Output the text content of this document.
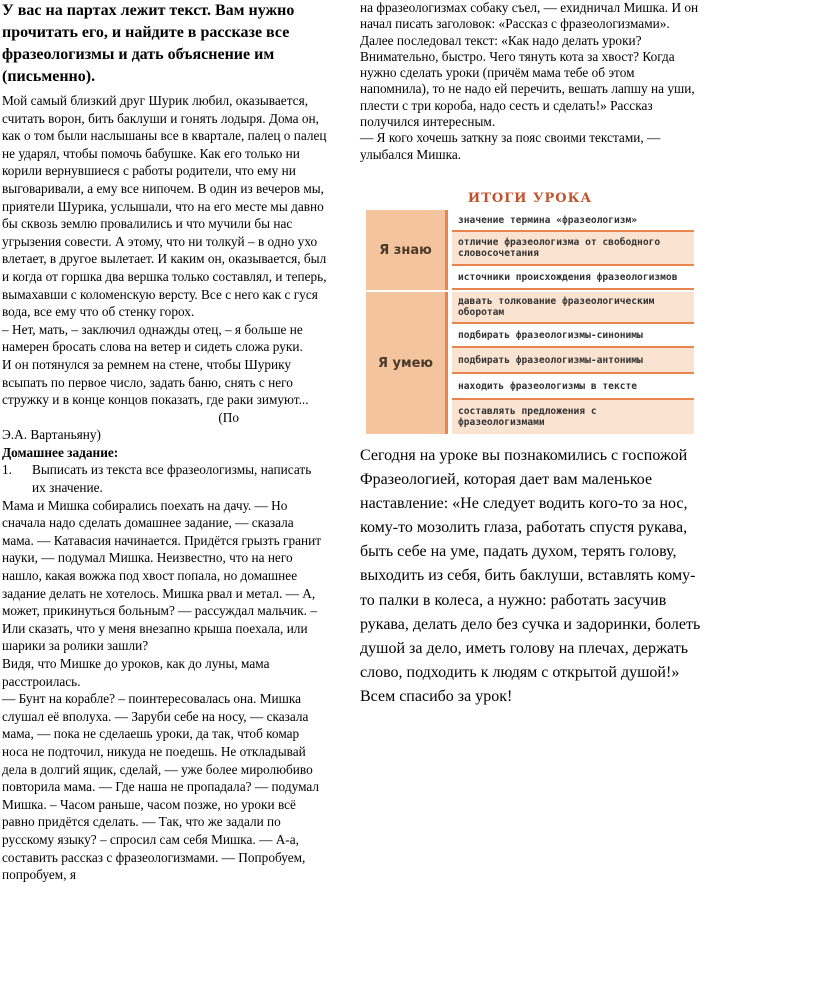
У вас на партах лежит текст. Вам нужно прочитать его, и найдите в рассказе все фразеологизмы и дать объяснение им (письменно).

Мой самый близкий друг Шурик любил, оказывается, считать ворон, бить баклуши и гонять лодыря. Дома он, как о том были наслышаны все в квартале, палец о палец не ударял, чтобы помочь бабушке. Как его только ни корили вернувшиеся с работы родители, что ему ни выговаривали, а ему все нипочем. В один из вечеров мы, приятели Шурика, услышали, что на его месте мы давно бы сквозь землю провалились и что мучили бы нас угрызения совести. А этому, что ни толкуй – в одно ухо влетает, в другое вылетает. И каким он, оказывается, был и когда от горшка два вершка только составлял, и теперь, вымахавши с коломенскую версту. Все с него как с гуся вода, все ему что об стенку горох.

– Нет, мать, – заключил однажды отец, – я больше не намерен бросать слова на ветер и сидеть сложа руки.

И он потянулся за ремнем на стене, чтобы Шурику всыпать по первое число, задать баню, снять с него стружку и в конце концов показать, где раки зимуют...

(По

Э.А. Вартаньяну)

Домашнее задание:

1.	Выписать из текста все фразеологизмы, написать их значение.

Мама и Мишка собирались поехать на дачу. — Но сначала надо сделать домашнее задание, — сказала мама. — Катавасия начинается. Придётся грызть гранит науки, — подумал Мишка. Неизвестно, что на него нашло, какая вожжа под хвост попала, но домашнее задание делать не хотелось. Мишка рвал и метал. — А, может, прикинуться больным? — рассуждал мальчик. – Или сказать, что у меня внезапно крыша поехала, или шарики за ролики зашли?

Видя, что Мишке до уроков, как до луны, мама расстроилась.

— Бунт на корабле? – поинтересовалась она. Мишка слушал её вполуха. — Заруби себе на носу, — сказала мама, — пока не сделаешь уроки, да так, чтоб комар носа не подточил, никуда не поедешь. Не откладывай дела в долгий ящик, сделай, — уже более миролюбиво повторила мама. — Где наша не пропадала? — подумал Мишка. – Часом раньше, часом позже, но уроки всё равно придётся сделать. — Так, что же задали по русскому языку? – спросил сам себя Мишка. — А-а, составить рассказ с фразеологизмами. — Попробуем, попробуем, я

на фразеологизмах собаку съел, — ехидничал Мишка. И он начал писать заголовок: «Рассказ с фразеологизмами». Далее последовал текст: «Как надо делать уроки? Внимательно, быстро. Чего тянуть кота за хвост? Когда нужно сделать уроки (причём мама тебе об этом напомнила), то не надо ей перечить, вешать лапшу на уши, плести с три короба, надо сесть и сделать!» Рассказ получился интересным.

— Я кого хочешь заткну за пояс своими текстами, — улыбался Мишка.

ИТОГИ УРОКА
Я знаю
Я умею
значение термина «фразеологизм»
отличие фразеологизма от свободного
словосочетания
источники происхождения фразеологизмов
давать толкование фразеологическим
оборотам
подбирать фразеологизмы-синонимы
подбирать фразеологизмы-антонимы
находить фразеологизмы в тексте
составлять предложения с
фразеологизмами

Сегодня на уроке вы познакомились с госпожой Фразеологией, которая дает вам маленькое наставление: «Не следует водить кого-то за нос, кому-то мозолить глаза, работать спустя рукава, быть себе на уме, падать духом, терять голову, выходить из себя, бить баклуши, вставлять кому-то палки в колеса, а нужно: работать засучив рукава, делать дело без сучка и задоринки, болеть душой за дело, иметь голову на плечах, держать слово, подходить к людям с открытой душой!»

Всем спасибо за урок!
